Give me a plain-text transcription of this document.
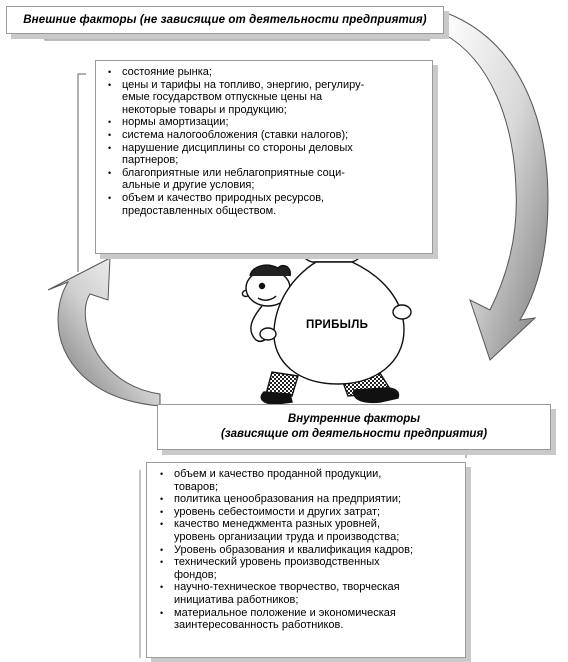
Внешние факторы (не зависящие от деятельности предприятия)
• состояние рынка;
• цены и тарифы на топливо, энергию, регулиру-
емые государством отпускные цены на
некоторые товары и продукцию;
• нормы амортизации;
• система налогообложения (ставки налогов);
• нарушение дисциплины со стороны деловых
партнеров;
• благоприятные или неблагоприятные соци-
альные и другие условия;
• объем и качество природных ресурсов,
предоставленных обществом.
ПРИБЫЛЬ
Внутренние факторы
(зависящие от деятельности предприятия)
• объем и качество проданной продукции,
товаров;
• политика ценообразования на предприятии;
• уровень себестоимости и других затрат;
• качество менеджмента разных уровней,
уровень организации труда и производства;
• Уровень образования и квалификация кадров;
• технический уровень производственных
фондов;
• научно-техническое творчество, творческая
инициатива работников;
• материальное положение и экономическая
заинтересованность работников.
